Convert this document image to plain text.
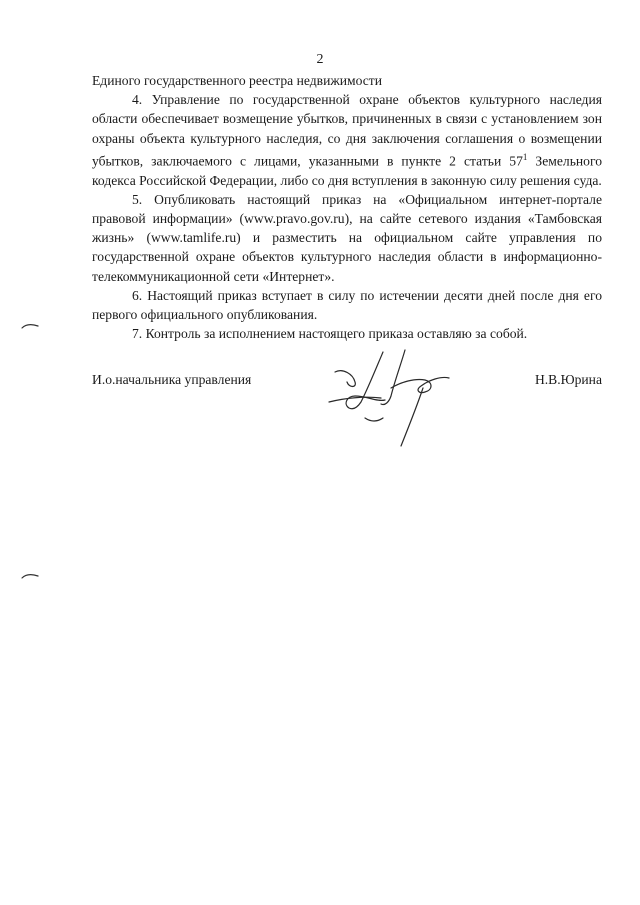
2

Единого государственного реестра недвижимости

4. Управление по государственной охране объектов культурного наследия области обеспечивает возмещение убытков, причиненных в связи с установлением зон охраны объекта культурного наследия, со дня заключения соглашения о возмещении убытков, заключаемого с лицами, указанными в пункте 2 статьи $57^1$ Земельного кодекса Российской Федерации, либо со дня вступления в законную силу решения суда.

5. Опубликовать настоящий приказ на «Официальном интернет-портале правовой информации» (www.pravo.gov.ru), на сайте сетевого издания «Тамбовская жизнь» (www.tamlife.ru) и разместить на официальном сайте управления по государственной охране объектов культурного наследия области в информационно-телекоммуникационной сети «Интернет».

6. Настоящий приказ вступает в силу по истечении десяти дней после дня его первого официального опубликования.

7. Контроль за исполнением настоящего приказа оставляю за собой.

И.о.начальника управления	Н.В.Юрина
